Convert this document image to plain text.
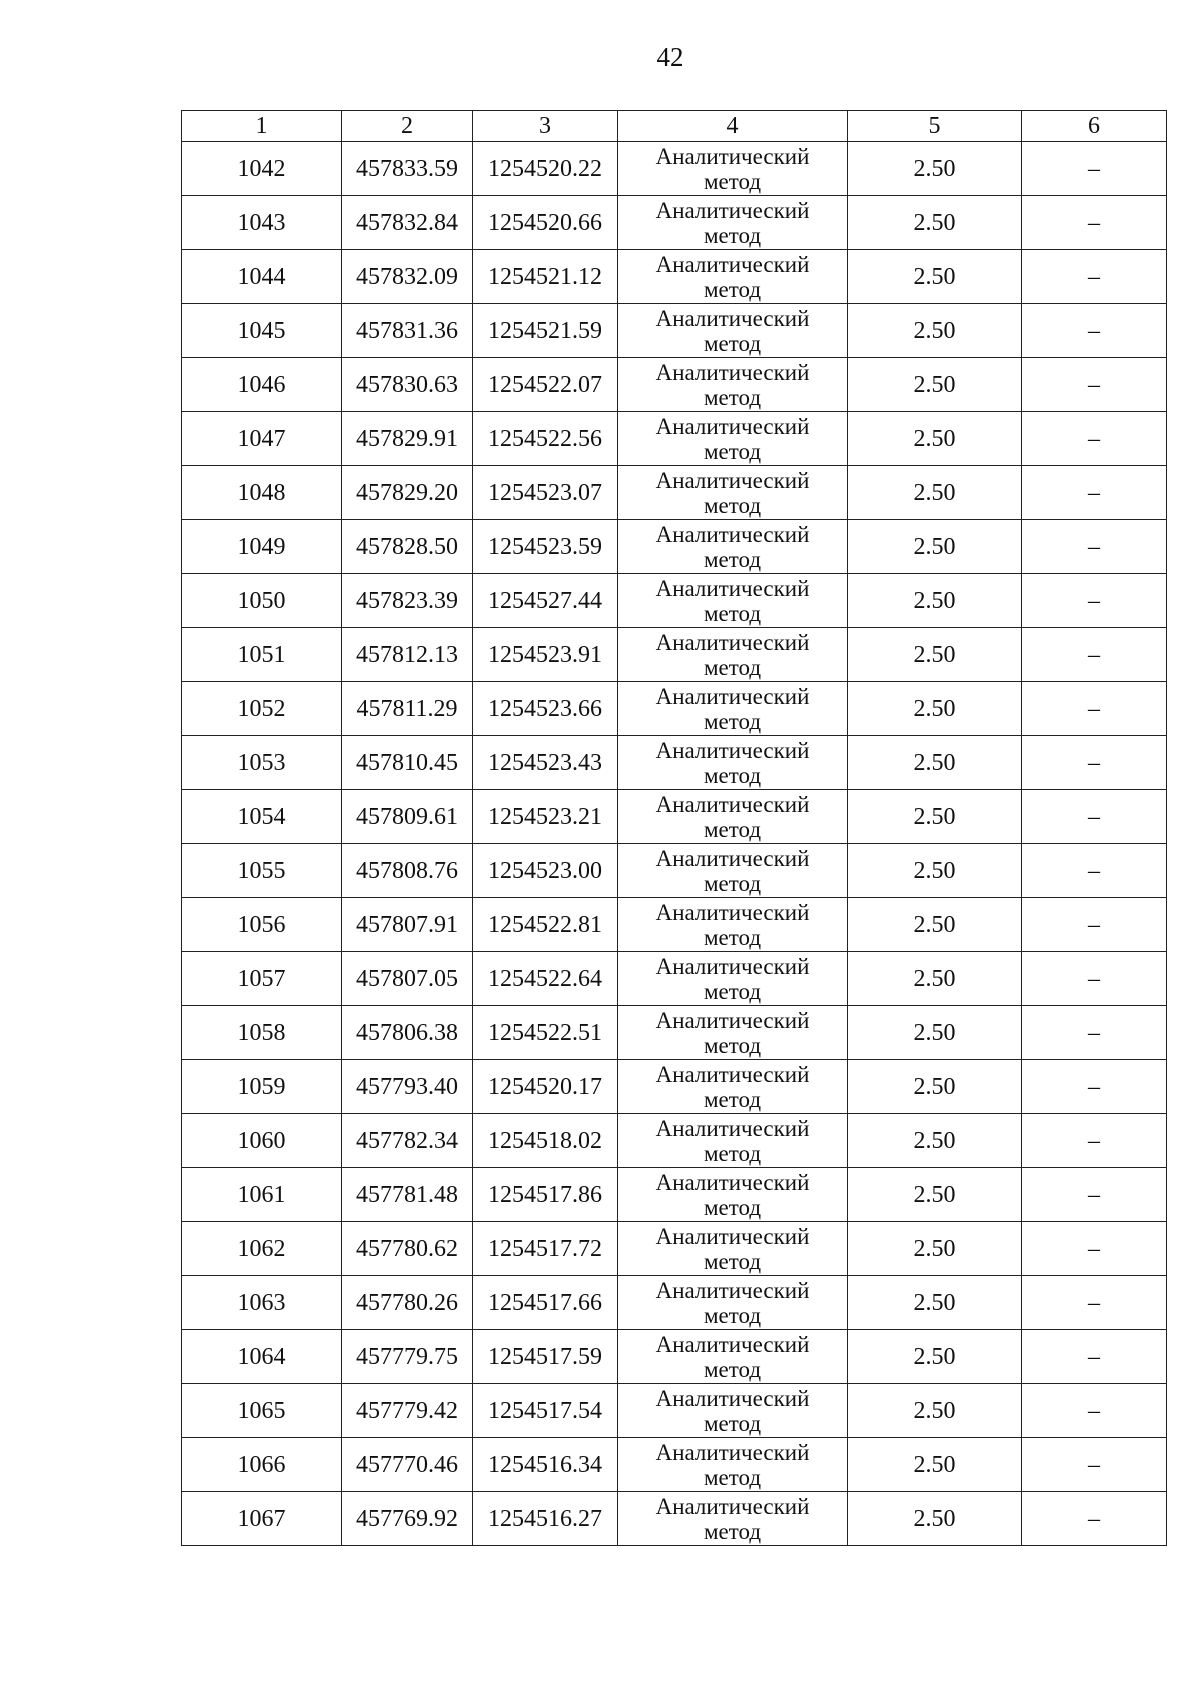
42
1	2	3	4	5	6
1042	457833.59	1254520.22	Аналитический
метод	2.50	–
1043	457832.84	1254520.66	Аналитический
метод	2.50	–
1044	457832.09	1254521.12	Аналитический
метод	2.50	–
1045	457831.36	1254521.59	Аналитический
метод	2.50	–
1046	457830.63	1254522.07	Аналитический
метод	2.50	–
1047	457829.91	1254522.56	Аналитический
метод	2.50	–
1048	457829.20	1254523.07	Аналитический
метод	2.50	–
1049	457828.50	1254523.59	Аналитический
метод	2.50	–
1050	457823.39	1254527.44	Аналитический
метод	2.50	–
1051	457812.13	1254523.91	Аналитический
метод	2.50	–
1052	457811.29	1254523.66	Аналитический
метод	2.50	–
1053	457810.45	1254523.43	Аналитический
метод	2.50	–
1054	457809.61	1254523.21	Аналитический
метод	2.50	–
1055	457808.76	1254523.00	Аналитический
метод	2.50	–
1056	457807.91	1254522.81	Аналитический
метод	2.50	–
1057	457807.05	1254522.64	Аналитический
метод	2.50	–
1058	457806.38	1254522.51	Аналитический
метод	2.50	–
1059	457793.40	1254520.17	Аналитический
метод	2.50	–
1060	457782.34	1254518.02	Аналитический
метод	2.50	–
1061	457781.48	1254517.86	Аналитический
метод	2.50	–
1062	457780.62	1254517.72	Аналитический
метод	2.50	–
1063	457780.26	1254517.66	Аналитический
метод	2.50	–
1064	457779.75	1254517.59	Аналитический
метод	2.50	–
1065	457779.42	1254517.54	Аналитический
метод	2.50	–
1066	457770.46	1254516.34	Аналитический
метод	2.50	–
1067	457769.92	1254516.27	Аналитический
метод	2.50	–
